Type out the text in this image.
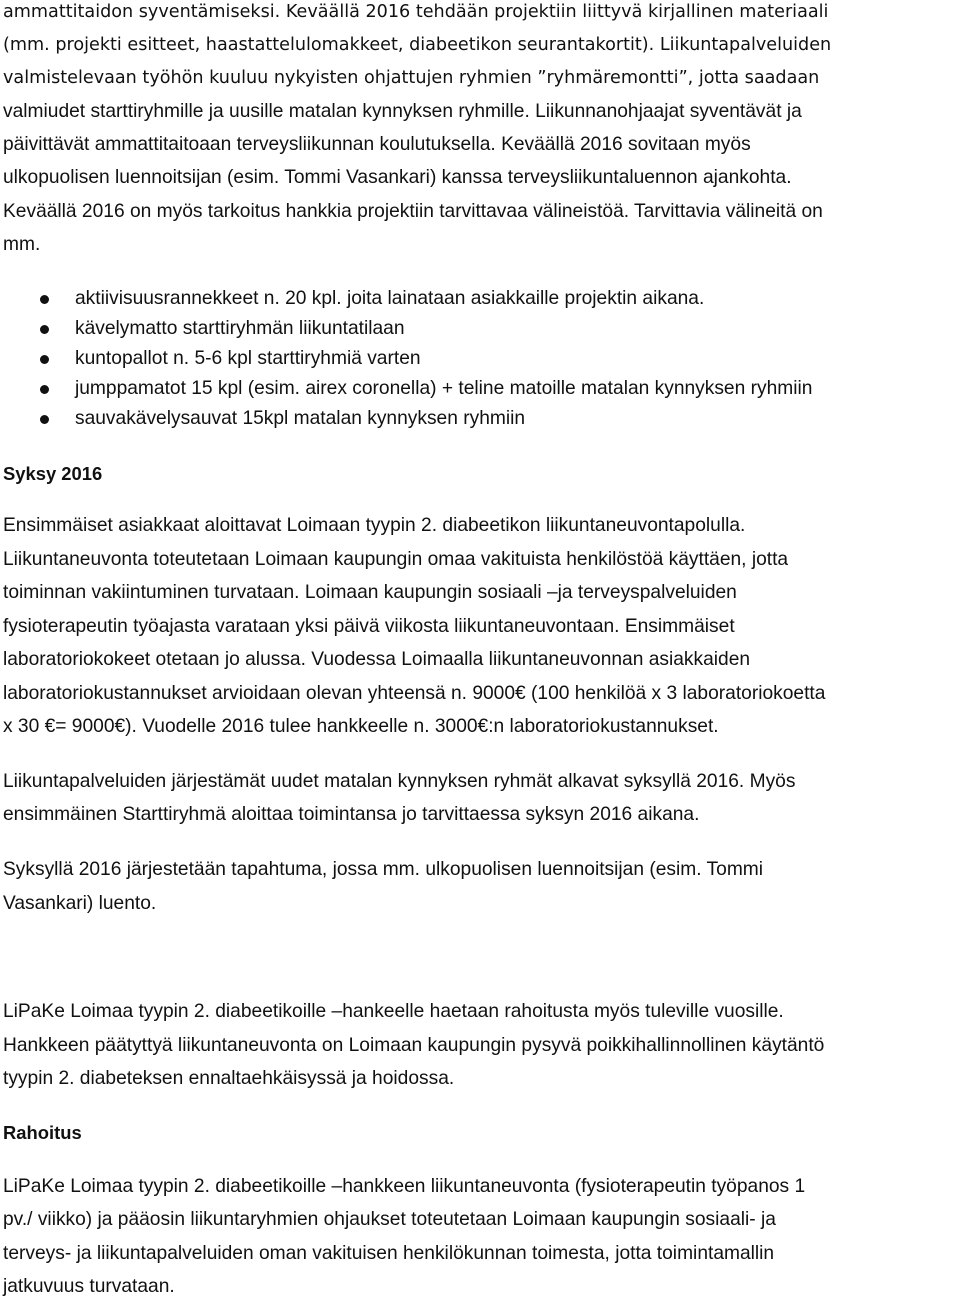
ammattitaidon syventämiseksi. Keväällä 2016 tehdään projektiin liittyvä kirjallinen materiaali

(mm. projekti esitteet, haastattelulomakkeet, diabeetikon seurantakortit). Liikuntapalveluiden

valmistelevaan työhön kuuluu nykyisten ohjattujen ryhmien ”ryhmäremontti”, jotta saadaan

valmiudet starttiryhmille ja uusille matalan kynnyksen ryhmille. Liikunnanohjaajat syventävät ja

päivittävät ammattitaitoaan terveysliikunnan koulutuksella. Keväällä 2016 sovitaan myös

ulkopuolisen luennoitsijan (esim. Tommi Vasankari) kanssa terveysliikuntaluennon ajankohta.

Keväällä 2016 on myös tarkoitus hankkia projektiin tarvittavaa välineistöä. Tarvittavia välineitä on

mm.

aktiivisuusrannekkeet n. 20 kpl. joita lainataan asiakkaille projektin aikana.

kävelymatto starttiryhmän liikuntatilaan

kuntopallot n. 5-6 kpl starttiryhmiä varten

jumppamatot 15 kpl (esim. airex coronella) + teline matoille matalan kynnyksen ryhmiin

sauvakävelysauvat 15kpl matalan kynnyksen ryhmiin

Syksy 2016

Ensimmäiset asiakkaat aloittavat Loimaan tyypin 2. diabeetikon liikuntaneuvontapolulla.

Liikuntaneuvonta toteutetaan Loimaan kaupungin omaa vakituista henkilöstöä käyttäen, jotta

toiminnan vakiintuminen turvataan. Loimaan kaupungin sosiaali –ja terveyspalveluiden

fysioterapeutin työajasta varataan yksi päivä viikosta liikuntaneuvontaan. Ensimmäiset

laboratoriokokeet otetaan jo alussa. Vuodessa Loimaalla liikuntaneuvonnan asiakkaiden

laboratoriokustannukset arvioidaan olevan yhteensä n. 9000€ (100 henkilöä x 3 laboratoriokoetta

x 30 €= 9000€). Vuodelle 2016 tulee hankkeelle n. 3000€:n laboratoriokustannukset.

Liikuntapalveluiden järjestämät uudet matalan kynnyksen ryhmät alkavat syksyllä 2016. Myös

ensimmäinen Starttiryhmä aloittaa toimintansa jo tarvittaessa syksyn 2016 aikana.

Syksyllä 2016 järjestetään tapahtuma, jossa mm. ulkopuolisen luennoitsijan (esim. Tommi

Vasankari) luento.

LiPaKe Loimaa tyypin 2. diabeetikoille –hankeelle haetaan rahoitusta myös tuleville vuosille.

Hankkeen päätyttyä liikuntaneuvonta on Loimaan kaupungin pysyvä poikkihallinnollinen käytäntö

tyypin 2. diabeteksen ennaltaehkäisyssä ja hoidossa.

Rahoitus

LiPaKe Loimaa tyypin 2. diabeetikoille –hankkeen liikuntaneuvonta (fysioterapeutin työpanos 1

pv./ viikko) ja pääosin liikuntaryhmien ohjaukset toteutetaan Loimaan kaupungin sosiaali- ja

terveys- ja liikuntapalveluiden oman vakituisen henkilökunnan toimesta, jotta toimintamallin

jatkuvuus turvataan.
